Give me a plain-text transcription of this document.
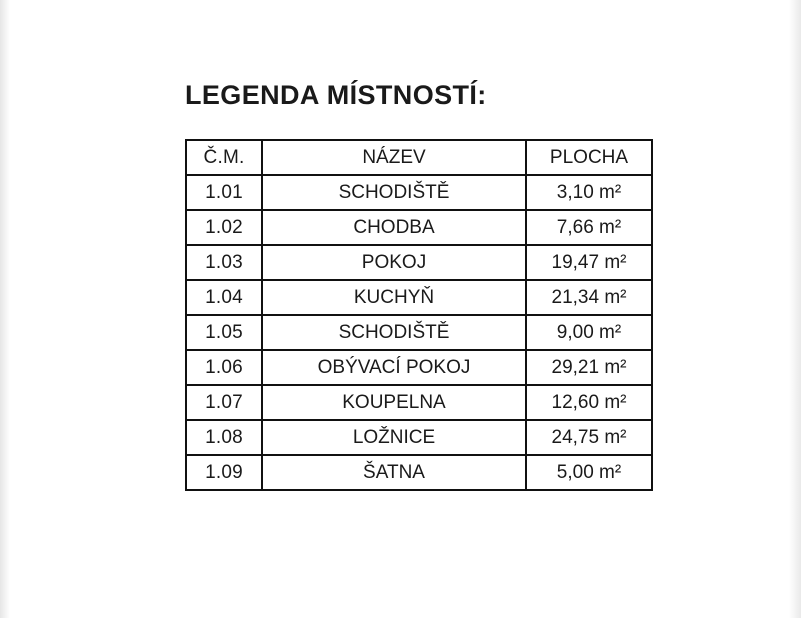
LEGENDA MÍSTNOSTÍ:
Č.M.	NÁZEV	PLOCHA
1.01	SCHODIŠTĚ	3,10 m²
1.02	CHODBA	7,66 m²
1.03	POKOJ	19,47 m²
1.04	KUCHYŇ	21,34 m²
1.05	SCHODIŠTĚ	9,00 m²
1.06	OBÝVACÍ POKOJ	29,21 m²
1.07	KOUPELNA	12,60 m²
1.08	LOŽNICE	24,75 m²
1.09	ŠATNA	5,00 m²
